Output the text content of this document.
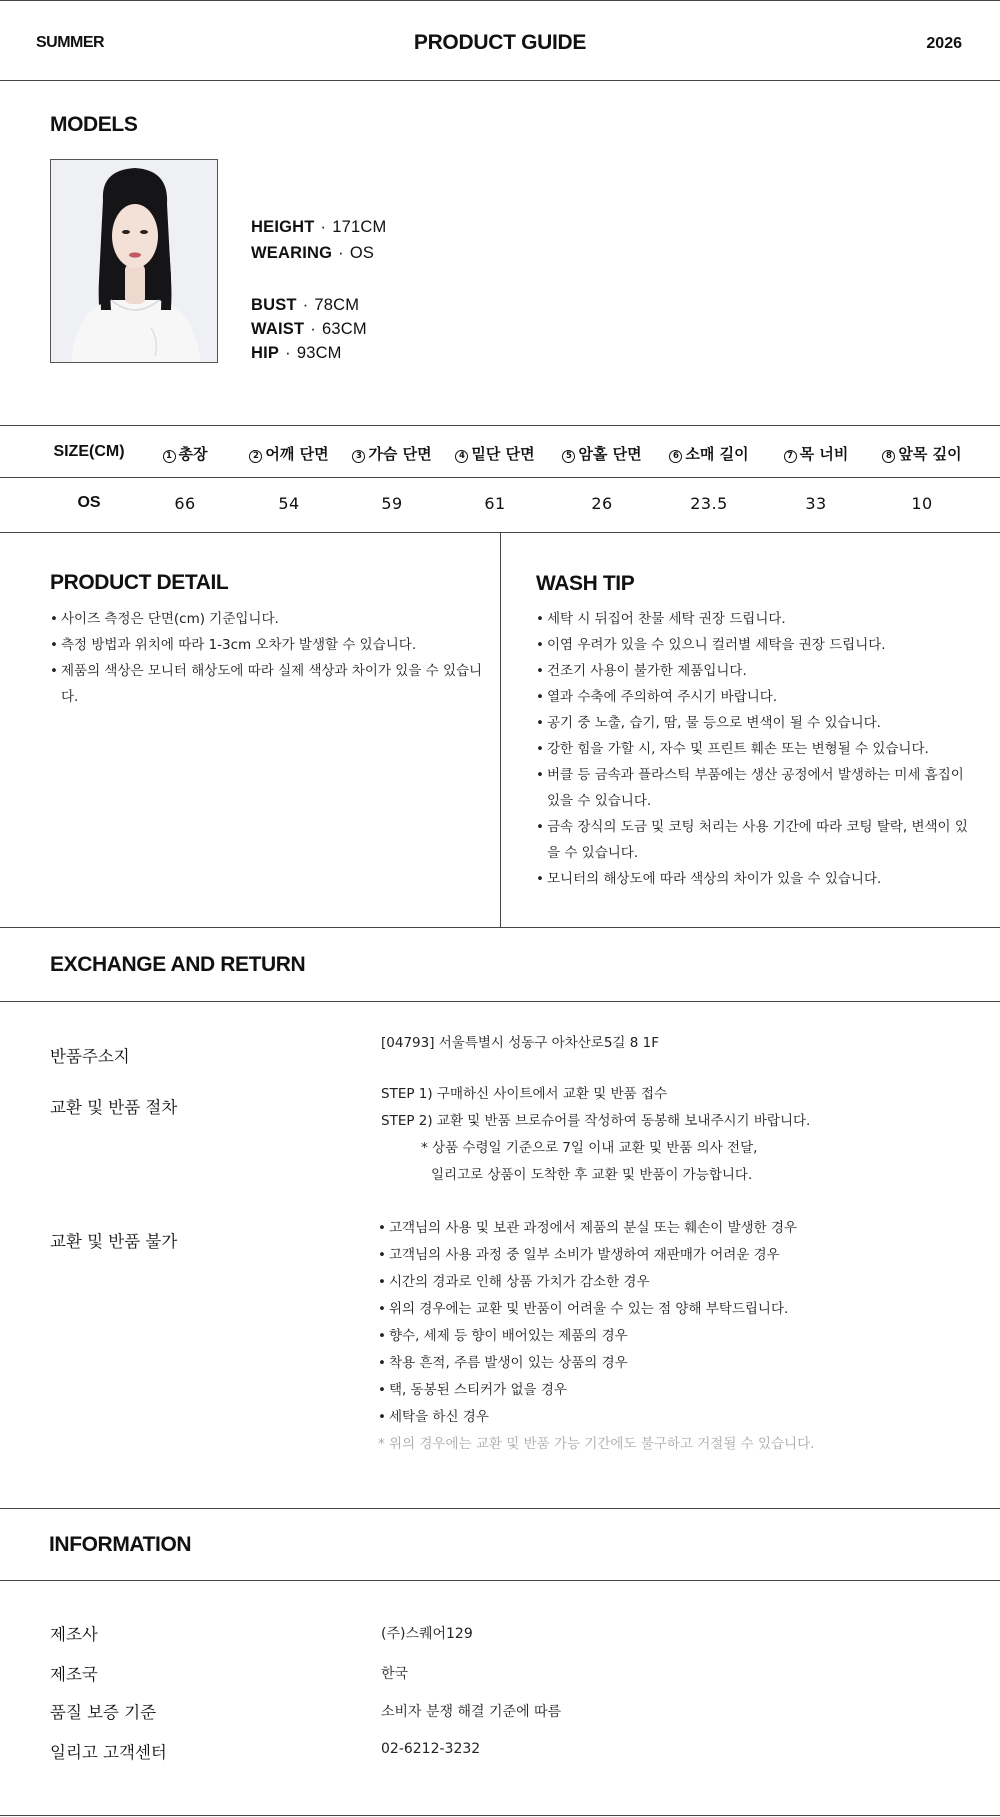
SUMMER	PRODUCT GUIDE	2026
MODELS
HEIGHT · 171CM
WEARING · OS
BUST · 78CM
WAIST · 63CM
HIP · 93CM
SIZE(CM)	1 총장	2 어깨 단면	3 가슴 단면	4 밑단 단면	5 암홀 단면	6 소매 길이	7 목 너비	8 앞목 깊이
OS	66	54	59	61	26	23.5	33	10
PRODUCT DETAIL
• 사이즈 측정은 단면(cm) 기준입니다.
• 측정 방법과 위치에 따라 1-3cm 오차가 발생할 수 있습니다.
• 제품의 색상은 모니터 해상도에 따라 실제 색상과 차이가 있을 수 있습니다.
WASH TIP
• 세탁 시 뒤집어 찬물 세탁 권장 드립니다.
• 이염 우려가 있을 수 있으니 컬러별 세탁을 권장 드립니다.
• 건조기 사용이 불가한 제품입니다.
• 열과 수축에 주의하여 주시기 바랍니다.
• 공기 중 노출, 습기, 땀, 물 등으로 변색이 될 수 있습니다.
• 강한 힘을 가할 시, 자수 및 프린트 훼손 또는 변형될 수 있습니다.
• 버클 등 금속과 플라스틱 부품에는 생산 공정에서 발생하는 미세 흠집이 있을 수 있습니다.
• 금속 장식의 도금 및 코팅 처리는 사용 기간에 따라 코팅 탈락, 변색이 있을 수 있습니다.
• 모니터의 해상도에 따라 색상의 차이가 있을 수 있습니다.
EXCHANGE AND RETURN
반품주소지
[04793] 서울특별시 성동구 아차산로5길 8 1F
교환 및 반품 절차
STEP 1) 구매하신 사이트에서 교환 및 반품 접수
STEP 2) 교환 및 반품 브로슈어를 작성하여 동봉해 보내주시기 바랍니다.
* 상품 수령일 기준으로 7일 이내 교환 및 반품 의사 전달,
일리고로 상품이 도착한 후 교환 및 반품이 가능합니다.
교환 및 반품 불가
• 고객님의 사용 및 보관 과정에서 제품의 분실 또는 훼손이 발생한 경우
• 고객님의 사용 과정 중 일부 소비가 발생하여 재판매가 어려운 경우
• 시간의 경과로 인해 상품 가치가 감소한 경우
• 위의 경우에는 교환 및 반품이 어려울 수 있는 점 양해 부탁드립니다.
• 향수, 세제 등 향이 배어있는 제품의 경우
• 착용 흔적, 주름 발생이 있는 상품의 경우
• 택, 동봉된 스티커가 없을 경우
• 세탁을 하신 경우
* 위의 경우에는 교환 및 반품 가능 기간에도 불구하고 거절될 수 있습니다.
INFORMATION
제조사	(주)스퀘어129
제조국	한국
품질 보증 기준	소비자 분쟁 해결 기준에 따름
일리고 고객센터	02-6212-3232
